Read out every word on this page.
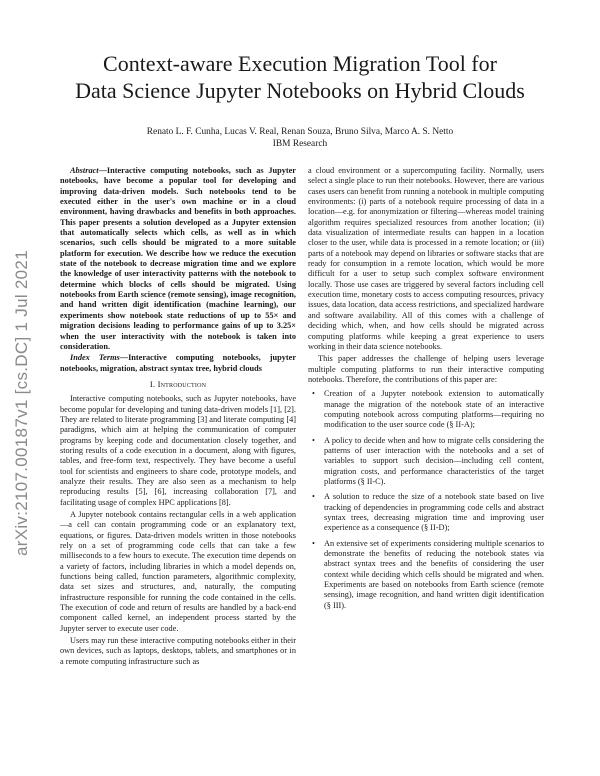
Context-aware Execution Migration Tool for
Data Science Jupyter Notebooks on Hybrid Clouds
Renato L. F. Cunha, Lucas V. Real, Renan Souza, Bruno Silva, Marco A. S. Netto
IBM Research
arXiv:2107.00187v1 [cs.DC] 1 Jul 2021

Abstract—Interactive computing notebooks, such as Jupyter notebooks, have become a popular tool for developing and improving data-driven models. Such notebooks tend to be executed either in the user's own machine or in a cloud environment, having drawbacks and benefits in both approaches. This paper presents a solution developed as a Jupyter extension that automatically selects which cells, as well as in which scenarios, such cells should be migrated to a more suitable platform for execution. We describe how we reduce the execution state of the notebook to decrease migration time and we explore the knowledge of user interactivity patterns with the notebook to determine which blocks of cells should be migrated. Using notebooks from Earth science (remote sensing), image recognition, and hand written digit identification (machine learning), our experiments show notebook state reductions of up to 55× and migration decisions leading to performance gains of up to 3.25× when the user interactivity with the notebook is taken into consideration.

Index Terms—Interactive computing notebooks, jupyter notebooks, migration, abstract syntax tree, hybrid clouds

I. Introduction

Interactive computing notebooks, such as Jupyter notebooks, have become popular for developing and tuning data-driven models [1], [2]. They are related to literate programming [3] and literate computing [4] paradigms, which aim at helping the communication of computer programs by keeping code and documentation closely together, and storing results of a code execution in a document, along with figures, tables, and free-form text, respectively. They have become a useful tool for scientists and engineers to share code, prototype models, and analyze their results. They are also seen as a mechanism to help reproducing results [5], [6], increasing collaboration [7], and facilitating usage of complex HPC applications [8].

A Jupyter notebook contains rectangular cells in a web application—a cell can contain programming code or an explanatory text, equations, or figures. Data-driven models written in those notebooks rely on a set of programming code cells that can take a few milliseconds to a few hours to execute. The execution time depends on a variety of factors, including libraries in which a model depends on, functions being called, function parameters, algorithmic complexity, data set sizes and structures, and, naturally, the computing infrastructure responsible for running the code contained in the cells. The execution of code and return of results are handled by a back-end component called kernel, an independent process started by the Jupyter server to execute user code.

Users may run these interactive computing notebooks either in their own devices, such as laptops, desktops, tablets, and smartphones or in a remote computing infrastructure such as

a cloud environment or a supercomputing facility. Normally, users select a single place to run their notebooks. However, there are various cases users can benefit from running a notebook in multiple computing environments: (i) parts of a notebook require processing of data in a location—e.g. for anonymization or filtering—whereas model training algorithm requires specialized resources from another location; (ii) data visualization of intermediate results can happen in a location closer to the user, while data is processed in a remote location; or (iii) parts of a notebook may depend on libraries or software stacks that are ready for consumption in a remote location, which would be more difficult for a user to setup such complex software environment locally. Those use cases are triggered by several factors including cell execution time, monetary costs to access computing resources, privacy issues, data location, data access restrictions, and specialized hardware and software availability. All of this comes with a challenge of deciding which, when, and how cells should be migrated across computing platforms while keeping a great experience to users working in their data science notebooks.

This paper addresses the challenge of helping users leverage multiple computing platforms to run their interactive computing notebooks. Therefore, the contributions of this paper are:

• Creation of a Jupyter notebook extension to automatically manage the migration of the notebook state of an interactive computing notebook across computing platforms—requiring no modification to the user source code (§ II-A);
• A policy to decide when and how to migrate cells considering the patterns of user interaction with the notebooks and a set of variables to support such decision—including cell content, migration costs, and performance characteristics of the target platforms (§ II-C).
• A solution to reduce the size of a notebook state based on live tracking of dependencies in programming code cells and abstract syntax trees, decreasing migration time and improving user experience as a consequence (§ II-D);
• An extensive set of experiments considering multiple scenarios to demonstrate the benefits of reducing the notebook states via abstract syntax trees and the benefits of considering the user context while deciding which cells should be migrated and when. Experiments are based on notebooks from Earth science (remote sensing), image recognition, and hand written digit identification (§ III).
